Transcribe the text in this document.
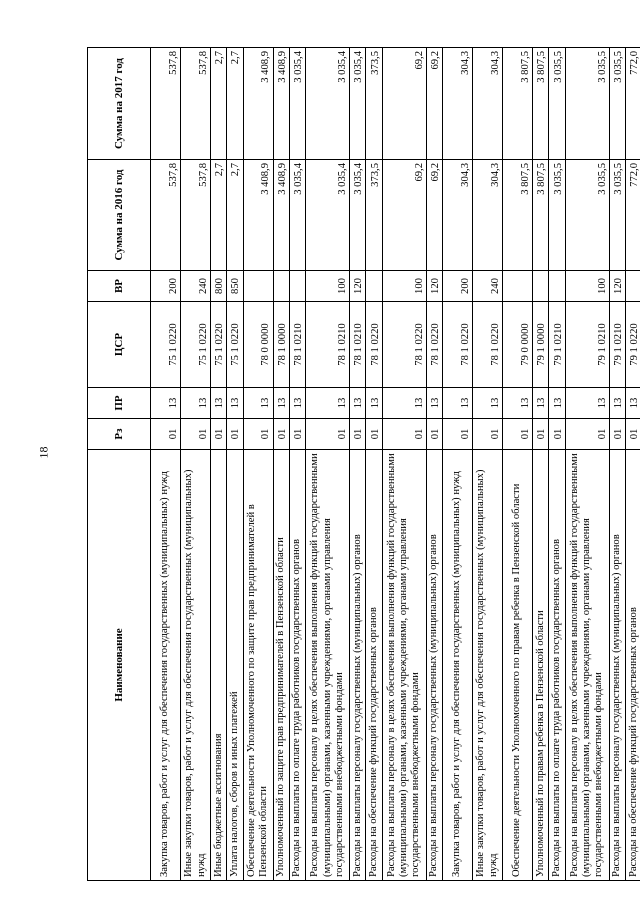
18
Наименование	Рз	ПР	ЦСР	ВР	Сумма на 2016 год	Сумма на 2017 год
Закупка товаров, работ и услуг для обеспечения государственных (муниципальных) нужд	01	13	75 1 0220	200	537,8	537,8
Иные закупки товаров, работ и услуг для обеспечения государственных (муниципальных) нужд	01	13	75 1 0220	240	537,8	537,8
Иные бюджетные ассигнования	01	13	75 1 0220	800	2,7	2,7
Уплата налогов, сборов и иных платежей	01	13	75 1 0220	850	2,7	2,7
Обеспечение деятельности Уполномоченного по защите прав предпринимателей в Пензенской области	01	13	78 0 0000		3 408,9	3 408,9
Уполномоченный по защите прав предпринимателей в Пензенской области	01	13	78 1 0000		3 408,9	3 408,9
Расходы на выплаты по оплате труда работников государственных органов	01	13	78 1 0210		3 035,4	3 035,4
Расходы на выплаты персоналу в целях обеспечения выполнения функций государственными (муниципальными) органами, казенными учреждениями, органами управления государственными внебюджетными фондами	01	13	78 1 0210	100	3 035,4	3 035,4
Расходы на выплаты персоналу государственных (муниципальных) органов	01	13	78 1 0210	120	3 035,4	3 035,4
Расходы на обеспечение функций государственных органов	01	13	78 1 0220		373,5	373,5
Расходы на выплаты персоналу в целях обеспечения выполнения функций государственными (муниципальными) органами, казенными учреждениями, органами управления государственными внебюджетными фондами	01	13	78 1 0220	100	69,2	69,2
Расходы на выплаты персоналу государственных (муниципальных) органов	01	13	78 1 0220	120	69,2	69,2
Закупка товаров, работ и услуг для обеспечения государственных (муниципальных) нужд	01	13	78 1 0220	200	304,3	304,3
Иные закупки товаров, работ и услуг для обеспечения государственных (муниципальных) нужд	01	13	78 1 0220	240	304,3	304,3
Обеспечение деятельности Уполномоченного по правам ребенка в Пензенской области	01	13	79 0 0000		3 807,5	3 807,5
Уполномоченный по правам ребенка в Пензенской области	01	13	79 1 0000		3 807,5	3 807,5
Расходы на выплаты по оплате труда работников государственных органов	01	13	79 1 0210		3 035,5	3 035,5
Расходы на выплаты персоналу в целях обеспечения выполнения функций государственными (муниципальными) органами, казенными учреждениями, органами управления государственными внебюджетными фондами	01	13	79 1 0210	100	3 035,5	3 035,5
Расходы на выплаты персоналу государственных (муниципальных) органов	01	13	79 1 0210	120	3 035,5	3 035,5
Расходы на обеспечение функций государственных органов	01	13	79 1 0220		772,0	772,0
